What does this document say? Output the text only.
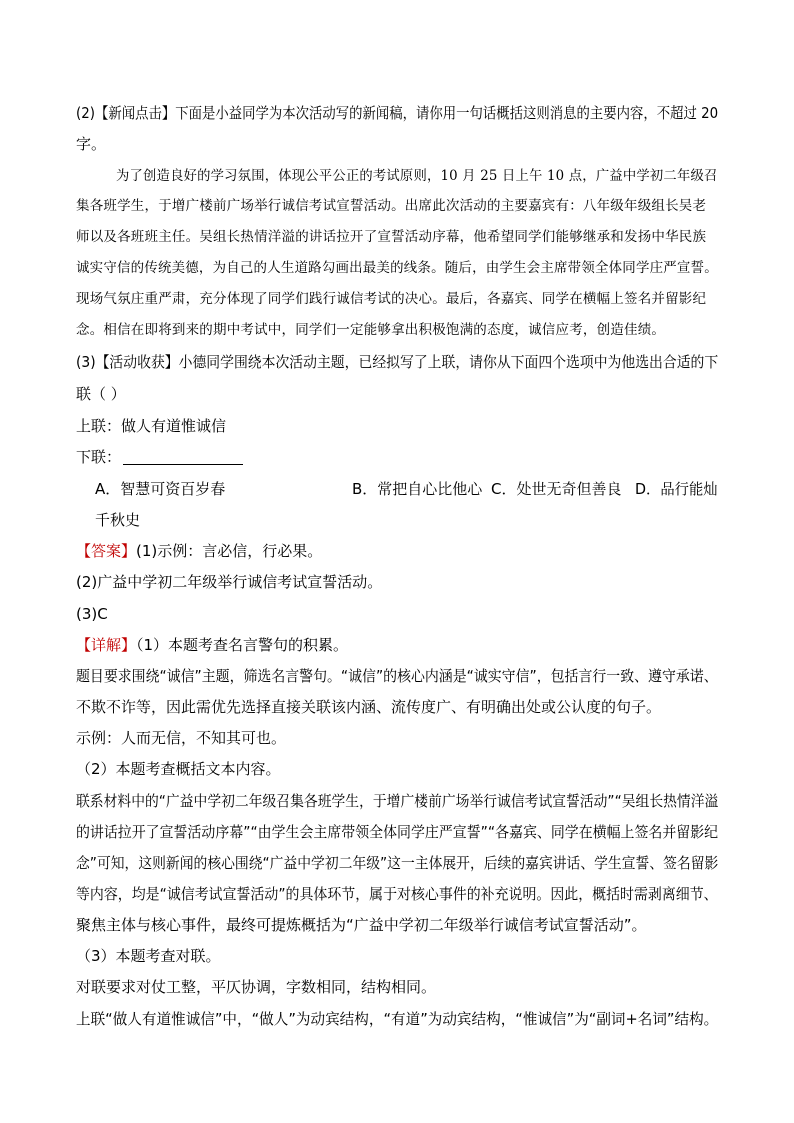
(2)【新闻点击】下面是小益同学为本次活动写的新闻稿，请你用一句话概括这则消息的主要内容，不超过 20
字。
为了创造良好的学习氛围，体现公平公正的考试原则，10 月 25 日上午 10 点，广益中学初二年级召
集各班学生，于增广楼前广场举行诚信考试宣誓活动。出席此次活动的主要嘉宾有：八年级年级组长吴老
师以及各班班主任。吴组长热情洋溢的讲话拉开了宣誓活动序幕，他希望同学们能够继承和发扬中华民族
诚实守信的传统美德，为自己的人生道路勾画出最美的线条。随后，由学生会主席带领全体同学庄严宣誓。
现场气氛庄重严肃，充分体现了同学们践行诚信考试的决心。最后，各嘉宾、同学在横幅上签名并留影纪
念。相信在即将到来的期中考试中，同学们一定能够拿出积极饱满的态度，诚信应考，创造佳绩。
(3)【活动收获】小德同学围绕本次活动主题，已经拟写了上联，请你从下面四个选项中为他选出合适的下
联（ ）
上联：做人有道惟诚信
下联：
A．智慧可资百岁春	B．常把自心比他心 C．处世无奇但善良 D．品行能灿
千秋史
【答案】(1)示例：言必信，行必果。
(2)广益中学初二年级举行诚信考试宣誓活动。
(3)C
【详解】（1）本题考查名言警句的积累。
题目要求围绕“诚信”主题，筛选名言警句。“诚信”的核心内涵是“诚实守信”，包括言行一致、遵守承诺、
不欺不诈等，因此需优先选择直接关联该内涵、流传度广、有明确出处或公认度的句子。
示例：人而无信，不知其可也。
（2）本题考查概括文本内容。
联系材料中的“广益中学初二年级召集各班学生，于增广楼前广场举行诚信考试宣誓活动”“吴组长热情洋溢
的讲话拉开了宣誓活动序幕”“由学生会主席带领全体同学庄严宣誓”“各嘉宾、同学在横幅上签名并留影纪
念”可知，这则新闻的核心围绕“广益中学初二年级”这一主体展开，后续的嘉宾讲话、学生宣誓、签名留影
等内容，均是“诚信考试宣誓活动”的具体环节，属于对核心事件的补充说明。因此，概括时需剥离细节、
聚焦主体与核心事件，最终可提炼概括为“广益中学初二年级举行诚信考试宣誓活动”。
（3）本题考查对联。
对联要求对仗工整，平仄协调，字数相同，结构相同。
上联“做人有道惟诚信”中，“做人”为动宾结构，“有道”为动宾结构，“惟诚信”为“副词+名词”结构。
